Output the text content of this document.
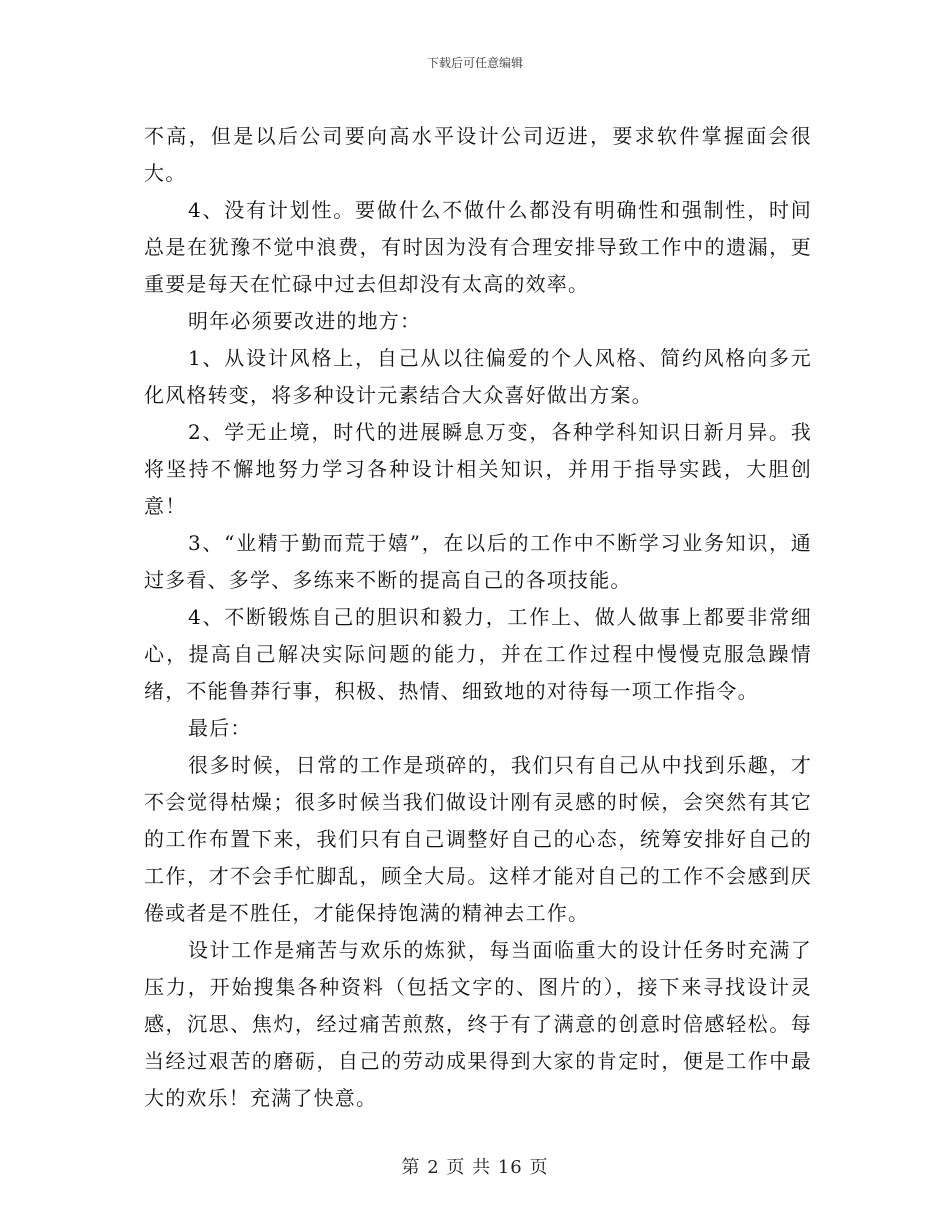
下载后可任意编辑

不高，但是以后公司要向高水平设计公司迈进，要求软件掌握面会很大。

4、没有计划性。要做什么不做什么都没有明确性和强制性，时间总是在犹豫不觉中浪费，有时因为没有合理安排导致工作中的遗漏，更重要是每天在忙碌中过去但却没有太高的效率。

明年必须要改进的地方：

1、从设计风格上，自己从以往偏爱的个人风格、简约风格向多元化风格转变，将多种设计元素结合大众喜好做出方案。

2、学无止境，时代的进展瞬息万变，各种学科知识日新月异。我将坚持不懈地努力学习各种设计相关知识，并用于指导实践，大胆创意！

3、“业精于勤而荒于嬉”，在以后的工作中不断学习业务知识，通过多看、多学、多练来不断的提高自己的各项技能。

4、不断锻炼自己的胆识和毅力，工作上、做人做事上都要非常细心，提高自己解决实际问题的能力，并在工作过程中慢慢克服急躁情绪，不能鲁莽行事，积极、热情、细致地的对待每一项工作指令。

最后：

很多时候，日常的工作是琐碎的，我们只有自己从中找到乐趣，才不会觉得枯燥；很多时候当我们做设计刚有灵感的时候，会突然有其它的工作布置下来，我们只有自己调整好自己的心态，统筹安排好自己的工作，才不会手忙脚乱，顾全大局。这样才能对自己的工作不会感到厌倦或者是不胜任，才能保持饱满的精神去工作。

设计工作是痛苦与欢乐的炼狱，每当面临重大的设计任务时充满了压力，开始搜集各种资料（包括文字的、图片的），接下来寻找设计灵感，沉思、焦灼，经过痛苦煎熬，终于有了满意的创意时倍感轻松。每当经过艰苦的磨砺，自己的劳动成果得到大家的肯定时，便是工作中最大的欢乐！充满了快意。

第 2 页 共 16 页
